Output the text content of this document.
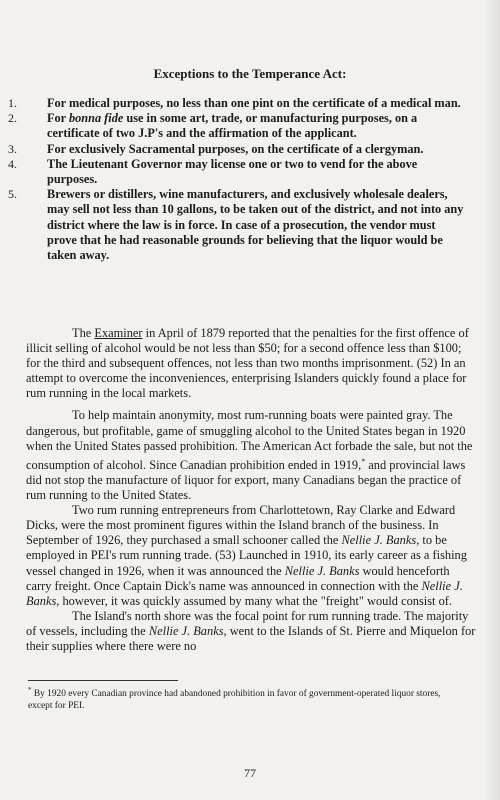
Exceptions to the Temperance Act:
1. For medical purposes, no less than one pint on the certificate of a medical man.
2. For bonna fide use in some art, trade, or manufacturing purposes, on a certificate of two J.P's and the affirmation of the applicant.
3. For exclusively Sacramental purposes, on the certificate of a clergyman.
4. The Lieutenant Governor may license one or two to vend for the above purposes.
5. Brewers or distillers, wine manufacturers, and exclusively wholesale dealers, may sell not less than 10 gallons, to be taken out of the district, and not into any district where the law is in force. In case of a prosecution, the vendor must prove that he had reasonable grounds for believing that the liquor would be taken away.

The Examiner in April of 1879 reported that the penalties for the first offence of illicit selling of alcohol would be not less than $50; for a second offence less than $100; for the third and subsequent offences, not less than two months imprisonment. (52) In an attempt to overcome the inconveniences, enterprising Islanders quickly found a place for rum running in the local markets.

To help maintain anonymity, most rum-running boats were painted gray. The dangerous, but profitable, game of smuggling alcohol to the United States began in 1920 when the United States passed prohibition. The American Act forbade the sale, but not the consumption of alcohol. Since Canadian prohibition ended in 1919,* and provincial laws did not stop the manufacture of liquor for export, many Canadians began the practice of rum running to the United States.

Two rum running entrepreneurs from Charlottetown, Ray Clarke and Edward Dicks, were the most prominent figures within the Island branch of the business. In September of 1926, they purchased a small schooner called the Nellie J. Banks, to be employed in PEI's rum running trade. (53) Launched in 1910, its early career as a fishing vessel changed in 1926, when it was announced the Nellie J. Banks would henceforth carry freight. Once Captain Dick's name was announced in connection with the Nellie J. Banks, however, it was quickly assumed by many what the "freight" would consist of.

The Island's north shore was the focal point for rum running trade. The majority of vessels, including the Nellie J. Banks, went to the Islands of St. Pierre and Miquelon for their supplies where there were no

* By 1920 every Canadian province had abandoned prohibition in favor of government-operated liquor stores, except for PEI.
77
